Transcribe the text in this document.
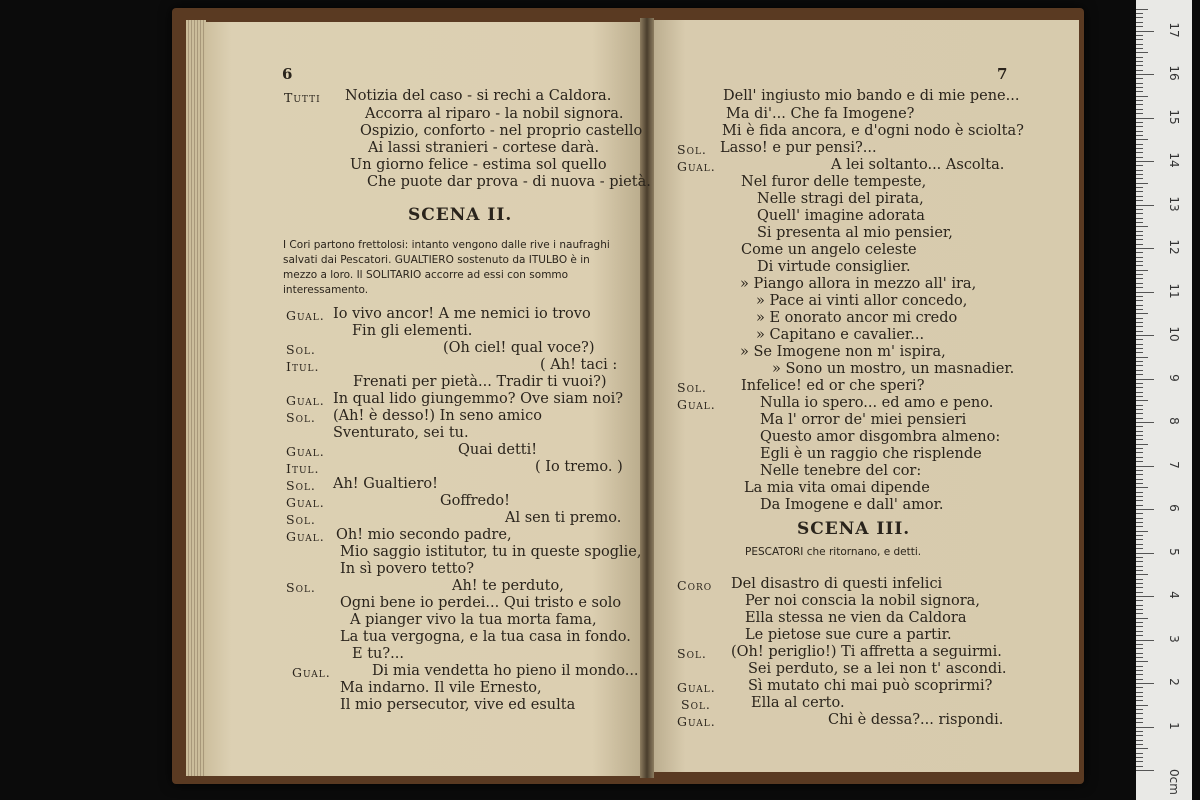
6
Tutti Notizia del caso - si rechi a Caldora.
Accorra al riparo - la nobil signora.
Ospizio, conforto - nel proprio castello
Ai lassi stranieri - cortese darà.
Un giorno felice - estima sol quello
Che puote dar prova - di nuova - pietà.
SCENA II.
I Cori partono frettolosi: intanto vengono dalle rive i naufraghi salvati dai Pescatori. GUALTIERO sostenuto da ITULBO è in mezzo a loro. Il SOLITARIO accorre ad essi con sommo interessamento.
Gual. Io vivo ancor! A me nemici io trovo
Fin gli elementi.
Sol.	(Oh ciel! qual voce?)
Itul.	( Ah! taci :
Frenati per pietà... Tradir ti vuoi?)
Gual. In qual lido giungemmo? Ove siam noi?
Sol. (Ah! è desso!) In seno amico
Sventurato, sei tu.
Gual.	Quai detti!
Itul.	( Io tremo. )
Sol. Ah! Gualtiero!
Gual.	Goffredo!
Sol.	Al sen ti premo.
Gual. Oh! mio secondo padre,
Mio saggio istitutor, tu in queste spoglie,
In sì povero tetto?
Sol.	Ah! te perduto,
Ogni bene io perdei... Qui tristo e solo
A pianger vivo la tua morta fama,
La tua vergogna, e la tua casa in fondo.
E tu?...
Gual.	Di mia vendetta ho pieno il mondo...
Ma indarno. Il vile Ernesto,
Il mio persecutor, vive ed esulta
7
Dell' ingiusto mio bando e di mie pene...
Ma di'... Che fa Imogene?
Mi è fida ancora, e d'ogni nodo è sciolta?
Sol. Lasso! e pur pensi?...
Gual.	A lei soltanto... Ascolta.
Nel furor delle tempeste,
Nelle stragi del pirata,
Quell' imagine adorata
Si presenta al mio pensier,
Come un angelo celeste
Di virtude consiglier.
» Piango allora in mezzo all' ira,
» Pace ai vinti allor concedo,
» E onorato ancor mi credo
» Capitano e cavalier...
» Se Imogene non m' ispira,
» Sono un mostro, un masnadier.
Sol. Infelice! ed or che speri?
Gual.	Nulla io spero... ed amo e peno.
Ma l' orror de' miei pensieri
Questo amor disgombra almeno:
Egli è un raggio che risplende
Nelle tenebre del cor:
La mia vita omai dipende
Da Imogene e dall' amor.
SCENA III.
PESCATORI che ritornano, e detti.
Coro Del disastro di questi infelici
Per noi conscia la nobil signora,
Ella stessa ne vien da Caldora
Le pietose sue cure a partir.
Sol. (Oh! periglio!) Ti affretta a seguirmi.
Sei perduto, se a lei non t' ascondi.
Gual. Sì mutato chi mai può scoprirmi?
Sol.	Ella al certo.
Gual.	Chi è dessa?... rispondi.
0cm
1
2
3
4
5
6
7
8
9
10
11
12
13
14
15
16
17
